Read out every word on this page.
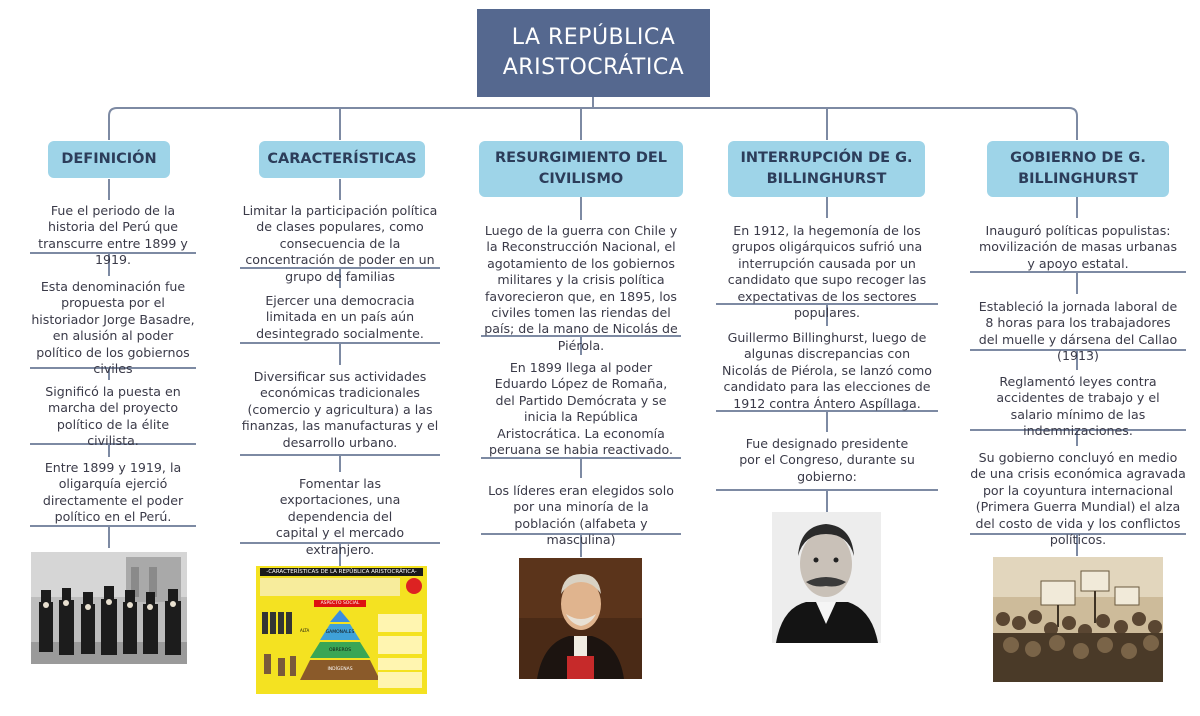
LA REPÚBLICA
ARISTOCRÁTICA
DEFINICIÓN	CARACTERÍSTICAS	RESURGIMIENTO DEL CIVILISMO
INTERRUPCIÓN DE G. BILLINGHURST
GOBIERNO DE G. BILLINGHURST
Fue el periodo de la historia del Perú que transcurre entre 1899 y 1919.
Esta denominación fue propuesta por el historiador Jorge Basadre, en alusión al poder político de los gobiernos civiles
Significó la puesta en marcha del proyecto político de la élite civilista.
Entre 1899 y 1919, la oligarquía ejerció directamente el poder político en el Perú.
Limitar la participación política de clases populares, como consecuencia de la concentración de poder en un grupo de familias
Ejercer una democracia limitada en un país aún desintegrado socialmente.
Diversificar sus actividades económicas tradicionales (comercio y agricultura) a las finanzas, las manufacturas y el desarrollo urbano.
Fomentar las exportaciones, una dependencia del capital y el mercado extranjero.
Luego de la guerra con Chile y la Reconstrucción Nacional, el agotamiento de los gobiernos militares y la crisis política favorecieron que, en 1895, los civiles tomen las riendas del país; de la mano de Nicolás de Piérola.
En 1899 llega al poder Eduardo López de Romaña, del Partido Demócrata y se inicia la República Aristocrática. La economía peruana se habia reactivado.
Los líderes eran elegidos solo por una minoría de la población (alfabeta y masculina)
En 1912, la hegemonía de los grupos oligárquicos sufrió una interrupción causada por un candidato que supo recoger las expectativas de los sectores populares.
Guillermo Billinghurst, luego de algunas discrepancias con Nicolás de Piérola, se lanzó como candidato para las elecciones de 1912 contra Ántero Aspíllaga.
Fue designado presidente por el Congreso, durante su gobierno:
Inauguró políticas populistas: movilización de masas urbanas y apoyo estatal.
Estableció la jornada laboral de 8 horas para los trabajadores del muelle y dársena del Callao (1913)
Reglamentó leyes contra accidentes de trabajo y el salario mínimo de las indemnizaciones.
Su gobierno concluyó en medio de una crisis económica agravada por la coyuntura internacional (Primera Guerra Mundial) el alza del costo de vida y los conflictos políticos.
-CARACTERÍSTICAS DE LA REPÚBLICA ARISTOCRÁTICA-
ASPECTO SOCIAL
ALTA	GAMONALES
OBREROS
INDÍGENAS
